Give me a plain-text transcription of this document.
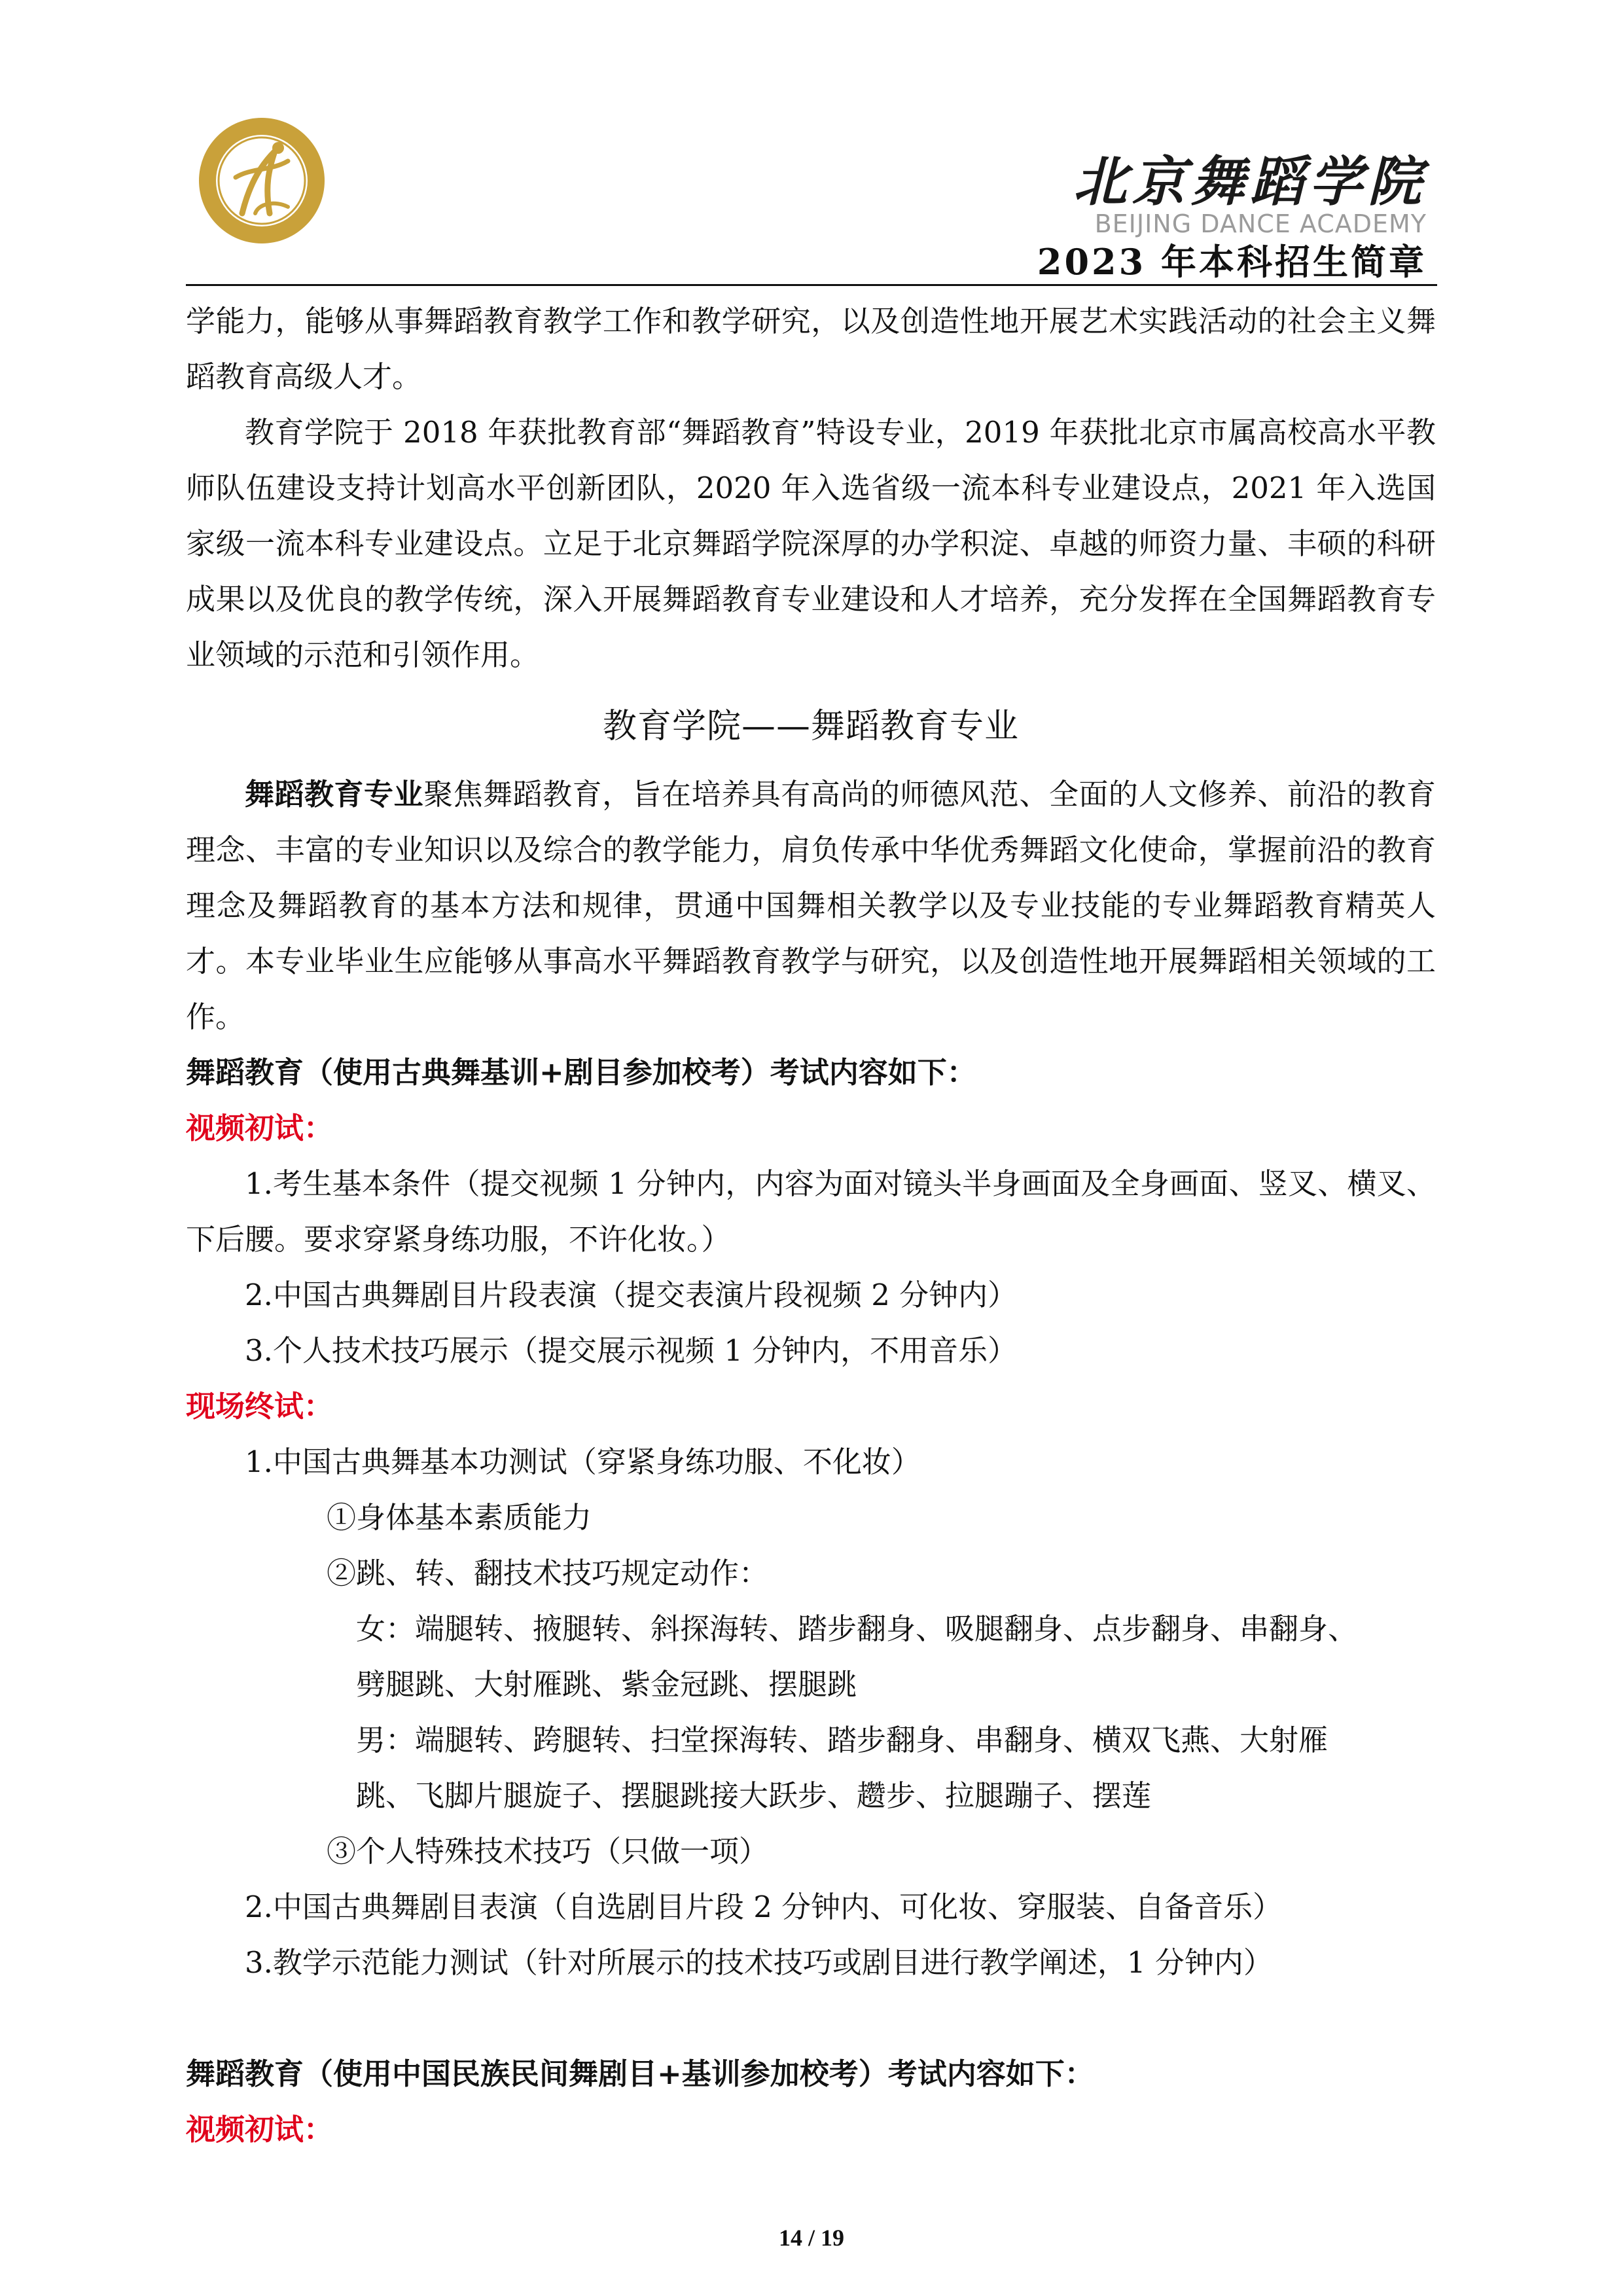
北京舞蹈学院
BEIJING DANCE ACADEMY
2023 年本科招生简章

学能力，能够从事舞蹈教育教学工作和教学研究，以及创造性地开展艺术实践活动的社会主义舞蹈教育高级人才。

教育学院于 2018 年获批教育部“舞蹈教育”特设专业，2019 年获批北京市属高校高水平教师队伍建设支持计划高水平创新团队，2020 年入选省级一流本科专业建设点，2021 年入选国家级一流本科专业建设点。立足于北京舞蹈学院深厚的办学积淀、卓越的师资力量、丰硕的科研成果以及优良的教学传统，深入开展舞蹈教育专业建设和人才培养，充分发挥在全国舞蹈教育专业领域的示范和引领作用。

教育学院——舞蹈教育专业

舞蹈教育专业聚焦舞蹈教育，旨在培养具有高尚的师德风范、全面的人文修养、前沿的教育理念、丰富的专业知识以及综合的教学能力，肩负传承中华优秀舞蹈文化使命，掌握前沿的教育理念及舞蹈教育的基本方法和规律，贯通中国舞相关教学以及专业技能的专业舞蹈教育精英人才。本专业毕业生应能够从事高水平舞蹈教育教学与研究，以及创造性地开展舞蹈相关领域的工作。

舞蹈教育（使用古典舞基训+剧目参加校考）考试内容如下：

视频初试：

1.考生基本条件（提交视频 1 分钟内，内容为面对镜头半身画面及全身画面、竖叉、横叉、下后腰。要求穿紧身练功服，不许化妆。）

2.中国古典舞剧目片段表演（提交表演片段视频 2 分钟内）

3.个人技术技巧展示（提交展示视频 1 分钟内，不用音乐）

现场终试：

1.中国古典舞基本功测试（穿紧身练功服、不化妆）

①身体基本素质能力

②跳、转、翻技术技巧规定动作：

女：端腿转、掖腿转、斜探海转、踏步翻身、吸腿翻身、点步翻身、串翻身、

劈腿跳、大射雁跳、紫金冠跳、摆腿跳

男：端腿转、跨腿转、扫堂探海转、踏步翻身、串翻身、横双飞燕、大射雁

跳、飞脚片腿旋子、摆腿跳接大跃步、趱步、拉腿蹦子、摆莲

③个人特殊技术技巧（只做一项）

2.中国古典舞剧目表演（自选剧目片段 2 分钟内、可化妆、穿服装、自备音乐）

3.教学示范能力测试（针对所展示的技术技巧或剧目进行教学阐述，1 分钟内）

舞蹈教育（使用中国民族民间舞剧目+基训参加校考）考试内容如下：

视频初试：

14 / 19
